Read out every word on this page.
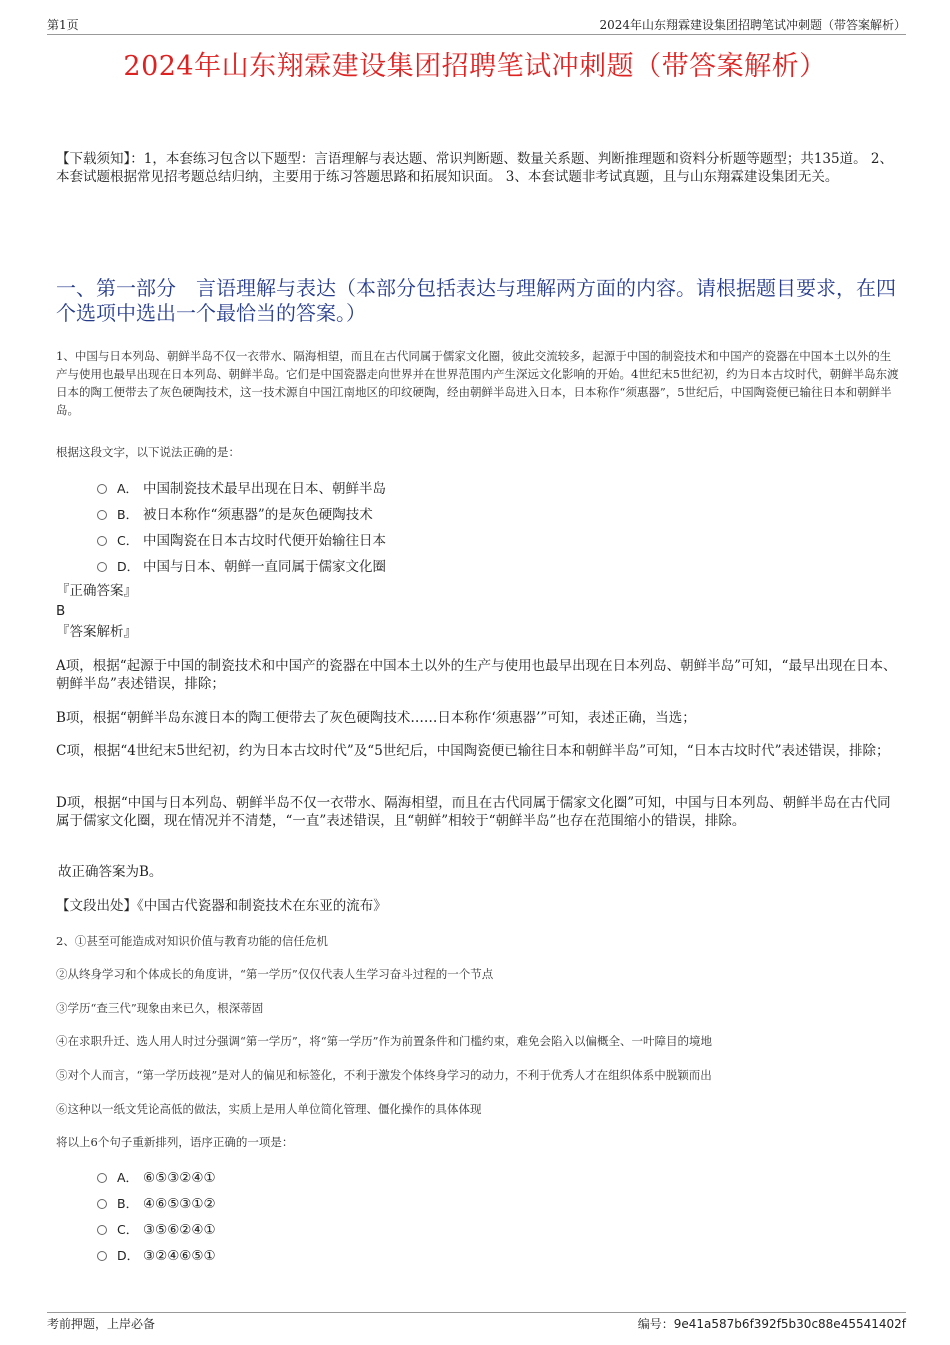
第1页	2024年山东翔霖建设集团招聘笔试冲刺题（带答案解析）
2024年山东翔霖建设集团招聘笔试冲刺题（带答案解析）
【下载须知】：1，本套练习包含以下题型：言语理解与表达题、常识判断题、数量关系题、判断推理题和资料分析题等题型；共135道。 2、本套试题根据常见招考题总结归纳，主要用于练习答题思路和拓展知识面。 3、本套试题非考试真题，且与山东翔霖建设集团无关。
一、第一部分　言语理解与表达（本部分包括表达与理解两方面的内容。请根据题目要求，在四个选项中选出一个最恰当的答案。）
1、中国与日本列岛、朝鲜半岛不仅一衣带水、隔海相望，而且在古代同属于儒家文化圈，彼此交流较多，起源于中国的制瓷技术和中国产的瓷器在中国本土以外的生产与使用也最早出现在日本列岛、朝鲜半岛。它们是中国瓷器走向世界并在世界范围内产生深远文化影响的开始。4世纪末5世纪初，约为日本古坟时代，朝鲜半岛东渡日本的陶工便带去了灰色硬陶技术，这一技术源自中国江南地区的印纹硬陶，经由朝鲜半岛进入日本，日本称作“须惠器”，5世纪后，中国陶瓷便已输往日本和朝鲜半岛。
根据这段文字，以下说法正确的是：
A． 中国制瓷技术最早出现在日本、朝鲜半岛
B． 被日本称作“须惠器”的是灰色硬陶技术
C． 中国陶瓷在日本古坟时代便开始输往日本
D． 中国与日本、朝鲜一直同属于儒家文化圈
『正确答案』
B
『答案解析』
A项，根据“起源于中国的制瓷技术和中国产的瓷器在中国本土以外的生产与使用也最早出现在日本列岛、朝鲜半岛”可知，“最早出现在日本、朝鲜半岛”表述错误，排除；
B项，根据“朝鲜半岛东渡日本的陶工便带去了灰色硬陶技术……日本称作‘须惠器’”可知，表述正确，当选；
C项，根据“4世纪末5世纪初，约为日本古坟时代”及“5世纪后，中国陶瓷便已输往日本和朝鲜半岛”可知，“日本古坟时代”表述错误，排除；
D项，根据“中国与日本列岛、朝鲜半岛不仅一衣带水、隔海相望，而且在古代同属于儒家文化圈”可知，中国与日本列岛、朝鲜半岛在古代同属于儒家文化圈，现在情况并不清楚，“一直”表述错误，且“朝鲜”相较于“朝鲜半岛”也存在范围缩小的错误，排除。
故正确答案为B。
【文段出处】《中国古代瓷器和制瓷技术在东亚的流布》
2、①甚至可能造成对知识价值与教育功能的信任危机
②从终身学习和个体成长的角度讲，“第一学历”仅仅代表人生学习奋斗过程的一个节点
③学历“查三代”现象由来已久，根深蒂固
④在求职升迁、选人用人时过分强调“第一学历”，将“第一学历”作为前置条件和门槛约束，难免会陷入以偏概全、一叶障目的境地
⑤对个人而言，“第一学历歧视”是对人的偏见和标签化，不利于激发个体终身学习的动力，不利于优秀人才在组织体系中脱颖而出
⑥这种以一纸文凭论高低的做法，实质上是用人单位简化管理、僵化操作的具体体现
将以上6个句子重新排列，语序正确的一项是：
A． ⑥⑤③②④①
B． ④⑥⑤③①②
C． ③⑤⑥②④①
D． ③②④⑥⑤①
考前押题，上岸必备	编号：9e41a587b6f392f5b30c88e45541402f
